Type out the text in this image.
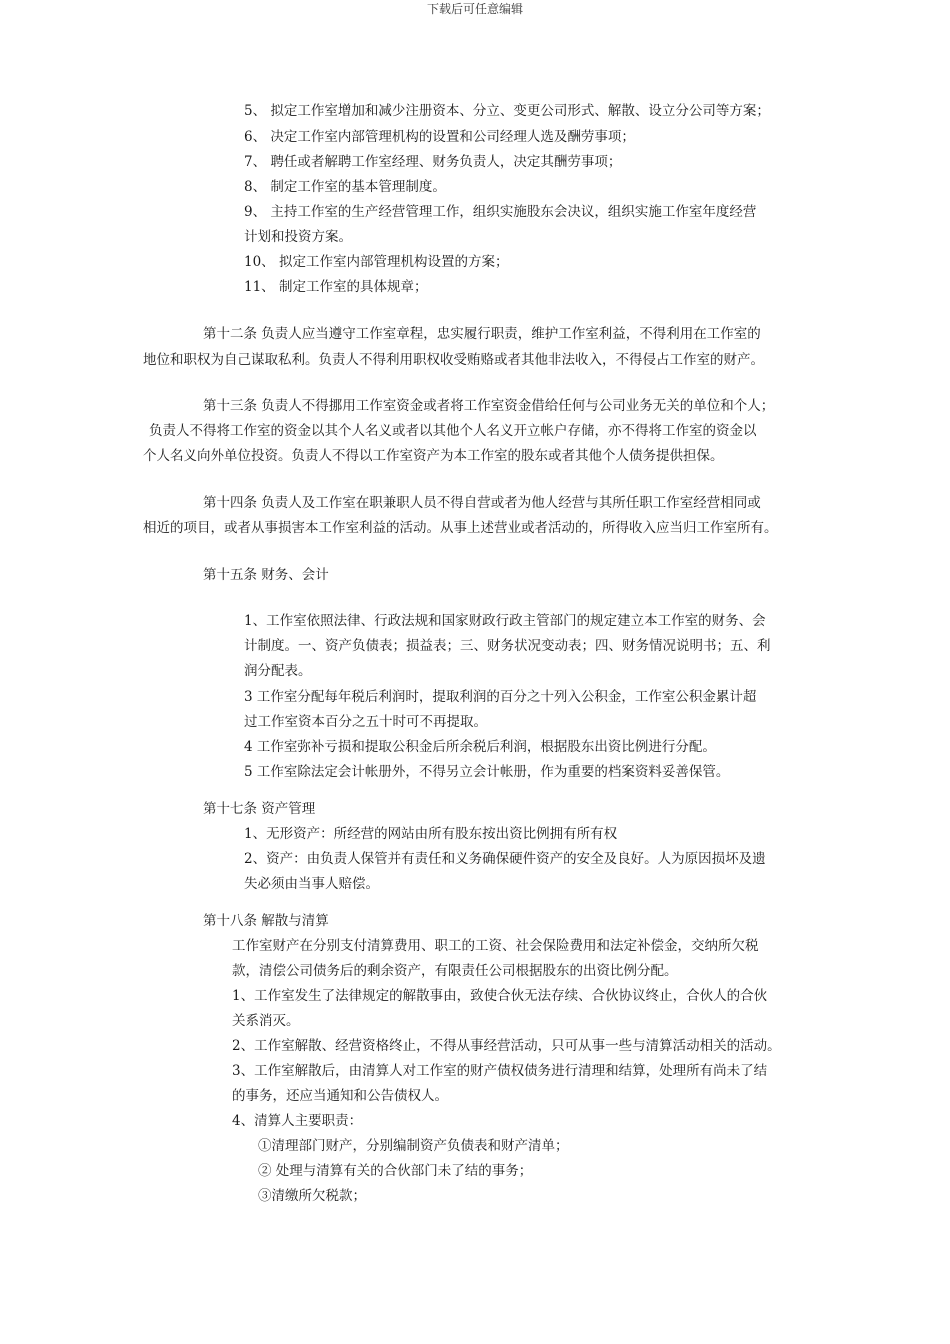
下载后可任意编辑
5、 拟定工作室增加和减少注册资本、分立、变更公司形式、解散、设立分公司等方案；
6、 决定工作室内部管理机构的设置和公司经理人选及酬劳事项；
7、 聘任或者解聘工作室经理、财务负责人，决定其酬劳事项；
8、 制定工作室的基本管理制度。
9、 主持工作室的生产经营管理工作，组织实施股东会决议，组织实施工作室年度经营
计划和投资方案。
10、 拟定工作室内部管理机构设置的方案；
11、 制定工作室的具体规章；
第十二条 负责人应当遵守工作室章程，忠实履行职责，维护工作室利益，不得利用在工作室的
地位和职权为自己谋取私利。负责人不得利用职权收受贿赂或者其他非法收入，不得侵占工作室的财产。
第十三条 负责人不得挪用工作室资金或者将工作室资金借给任何与公司业务无关的单位和个人；
负责人不得将工作室的资金以其个人名义或者以其他个人名义开立帐户存储，亦不得将工作室的资金以
个人名义向外单位投资。负责人不得以工作室资产为本工作室的股东或者其他个人债务提供担保。
第十四条 负责人及工作室在职兼职人员不得自营或者为他人经营与其所任职工作室经营相同或
相近的项目，或者从事损害本工作室利益的活动。从事上述营业或者活动的，所得收入应当归工作室所有。
第十五条 财务、会计
1、工作室依照法律、行政法规和国家财政行政主管部门的规定建立本工作室的财务、会
计制度。一、资产负债表；损益表；三、财务状况变动表；四、财务情况说明书；五、利
润分配表。
3 工作室分配每年税后利润时，提取利润的百分之十列入公积金，工作室公积金累计超
过工作室资本百分之五十时可不再提取。
4 工作室弥补亏损和提取公积金后所余税后利润，根据股东出资比例进行分配。
5 工作室除法定会计帐册外，不得另立会计帐册，作为重要的档案资料妥善保管。
第十七条 资产管理
1、无形资产：所经营的网站由所有股东按出资比例拥有所有权
2、资产：由负责人保管并有责任和义务确保硬件资产的安全及良好。人为原因损坏及遗
失必须由当事人赔偿。
第十八条 解散与清算
工作室财产在分别支付清算费用、职工的工资、社会保险费用和法定补偿金，交纳所欠税
款，清偿公司债务后的剩余资产，有限责任公司根据股东的出资比例分配。
1、工作室发生了法律规定的解散事由，致使合伙无法存续、合伙协议终止，合伙人的合伙
关系消灭。
2、工作室解散、经营资格终止，不得从事经营活动，只可从事一些与清算活动相关的活动。
3、工作室解散后，由清算人对工作室的财产债权债务进行清理和结算，处理所有尚未了结
的事务，还应当通知和公告债权人。
4、清算人主要职责：
①清理部门财产，分别编制资产负债表和财产清单；
② 处理与清算有关的合伙部门未了结的事务；
③清缴所欠税款；
